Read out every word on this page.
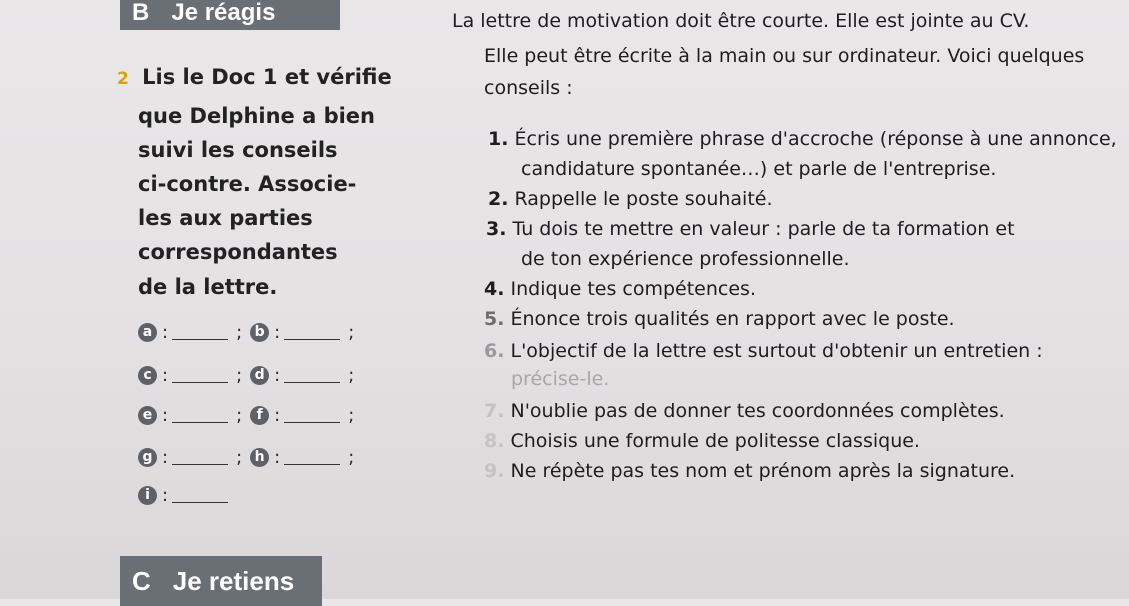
B Je réagis
2 Lis le Doc 1 et vérifie
que Delphine a bien
suivi les conseils
ci-contre. Associe-
les aux parties
correspondantes
de la lettre.
a :	; b :	;
c :	; d :	;
e :	;	f :	;
g :	; h :	;
i :
La lettre de motivation doit être courte. Elle est jointe au CV.
Elle peut être écrite à la main ou sur ordinateur. Voici quelques
conseils :
1. Écris une première phrase d'accroche (réponse à une annonce,
candidature spontanée…) et parle de l'entreprise.
2. Rappelle le poste souhaité.
3. Tu dois te mettre en valeur : parle de ta formation et
de ton expérience professionnelle.
4. Indique tes compétences.
5. Énonce trois qualités en rapport avec le poste.
6. L'objectif de la lettre est surtout d'obtenir un entretien :
précise-le.
7. N'oublie pas de donner tes coordonnées complètes.
8. Choisis une formule de politesse classique.
9. Ne répète pas tes nom et prénom après la signature.
C Je retiens
